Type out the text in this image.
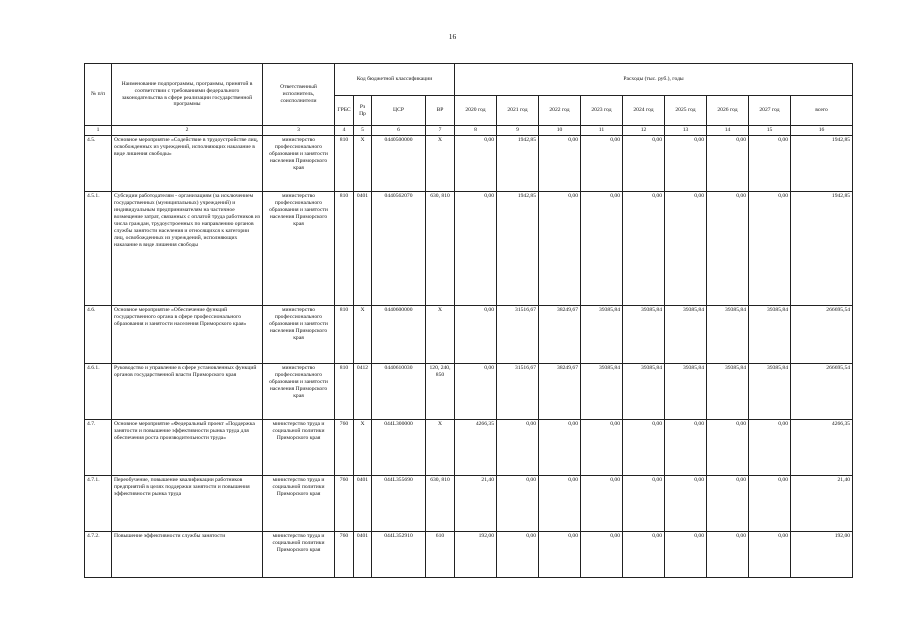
16
№ п/п	Наименование подпрограммы, программы, принятой в соответствии с требованиями федерального законодательства в сфере реализации государственной программы	Ответственный исполнитель, соисполнители	Код бюджетной классификации				Расходы (тыс. руб.), годы								
			ГРБС	Рз Пр	ЦСР	ВР	2020 год	2021 год	2022 год	2023 год	2024 год	2025 год	2026 год	2027 год	всего
1	2	3	4	5	6	7	8	9	10	11	12	13	14	15	16
4.5.	Основное мероприятие «Содействие в трудоустройстве лиц, освобожденных из учреждений, исполняющих наказание в виде лишения свободы»	министерство профессионального образования и занятости населения Приморского края	810	X	0440500000	X	0,00	1942,85	0,00	0,00	0,00	0,00	0,00	0,00	1942,85
4.5.1.	Субсидии работодателям - организациям (за исключением государственных (муниципальных) учреждений) и индивидуальным предпринимателям на частичное возмещение затрат, связанных с оплатой труда работников из числа граждан, трудоустроенных по направлению органов службы занятости населения и относящихся к категории лиц, освобожденных из учреждений, исполняющих наказание в виде лишения свободы	министерство профессионального образования и занятости населения Приморского края	810	0401	0440562070	630, 810	0,00	1942,85	0,00	0,00	0,00	0,00	0,00	0,00	1942,85
4.6.	Основное мероприятие «Обеспечение функций государственного органа в сфере профессионального образования и занятости населения Приморского края»	министерство профессионального образования и занятости населения Приморского края	810	X	0440600000	X	0,00	31516,67	38249,67	39385,84	39385,84	39385,84	39385,84	39385,84	266695,54
4.6.1.	Руководство и управление в сфере установленных функций органов государственной власти Приморского края	министерство профессионального образования и занятости населения Приморского края	810	0412	0440610030	120, 240, 850	0,00	31516,67	38249,67	39385,84	39385,84	39385,84	39385,84	39385,84	266695,54
4.7.	Основное мероприятие «Федеральный проект «Поддержка занятости и повышение эффективности рынка труда для обеспечения роста производительности труда»	министерство труда и социальной политики Приморского края	760	X	044L300000	X	4266,35	0,00	0,00	0,00	0,00	0,00	0,00	0,00	4266,35
4.7.1.	Переобучение, повышение квалификации работников предприятий в целях поддержки занятости и повышения эффективности рынка труда	министерство труда и социальной политики Приморского края	760	0401	044L355690	630, 810	21,40	0,00	0,00	0,00	0,00	0,00	0,00	0,00	21,40
4.7.2.	Повышение эффективности службы занятости	министерство труда и социальной политики Приморского края	760	0401	044L352910	610	192,00	0,00	0,00	0,00	0,00	0,00	0,00	0,00	192,00
